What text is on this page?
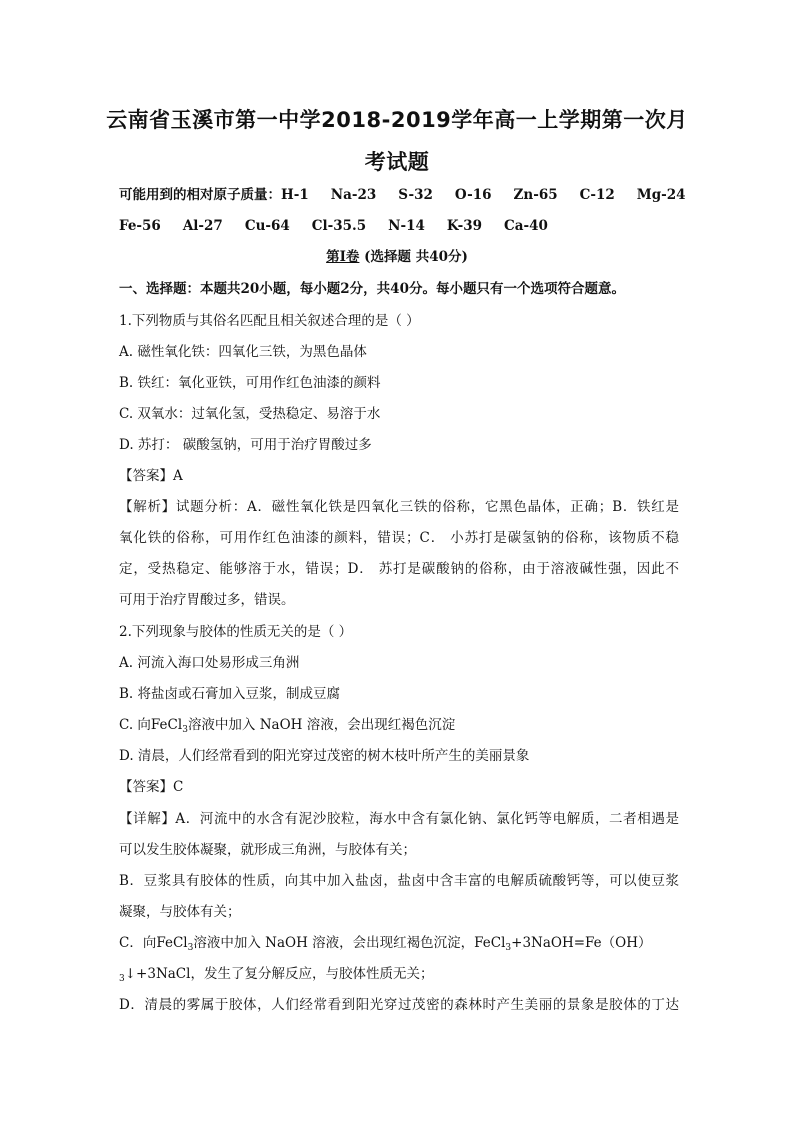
云南省玉溪市第一中学2018-2019学年高一上学期第一次月
考试题
可能用到的相对原子质量：H-1 Na-23 S-32 O-16 Zn-65 C-12 Mg-24
Fe-56 Al-27 Cu-64 Cl-35.5 N-14 K-39 Ca-40
第Ⅰ卷 (选择题 共40分)
一、选择题：本题共20小题，每小题2分，共40分。每小题只有一个选项符合题意。
1.下列物质与其俗名匹配且相关叙述合理的是（ ）
A. 磁性氧化铁：四氧化三铁，为黑色晶体
B. 铁红：氧化亚铁，可用作红色油漆的颜料
C. 双氧水：过氧化氢，受热稳定、易溶于水
D. 苏打： 碳酸氢钠，可用于治疗胃酸过多
【答案】A
【解析】试题分析：A．磁性氧化铁是四氧化三铁的俗称，它黑色晶体，正确；B．铁红是
氧化铁的俗称，可用作红色油漆的颜料，错误；C． 小苏打是碳氢钠的俗称，该物质不稳
定，受热稳定、能够溶于水，错误；D． 苏打是碳酸钠的俗称，由于溶液碱性强，因此不
可用于治疗胃酸过多，错误。
2.下列现象与胶体的性质无关的是（ ）
A. 河流入海口处易形成三角洲
B. 将盐卤或石膏加入豆浆，制成豆腐
C. 向FeCl$_3$溶液中加入 NaOH 溶液，会出现红褐色沉淀
D. 清晨，人们经常看到的阳光穿过茂密的树木枝叶所产生的美丽景象
【答案】C
【详解】A．河流中的水含有泥沙胶粒，海水中含有氯化钠、氯化钙等电解质，二者相遇是
可以发生胶体凝聚，就形成三角洲，与胶体有关；
B．豆浆具有胶体的性质，向其中加入盐卤，盐卤中含丰富的电解质硫酸钙等，可以使豆浆
凝聚，与胶体有关；
C．向FeCl$_3$溶液中加入 NaOH 溶液，会出现红褐色沉淀，FeCl$_3$+3NaOH=Fe（OH）
$_3$↓+3NaCl，发生了复分解反应，与胶体性质无关；
D．清晨的雾属于胶体，人们经常看到阳光穿过茂密的森林时产生美丽的景象是胶体的丁达
